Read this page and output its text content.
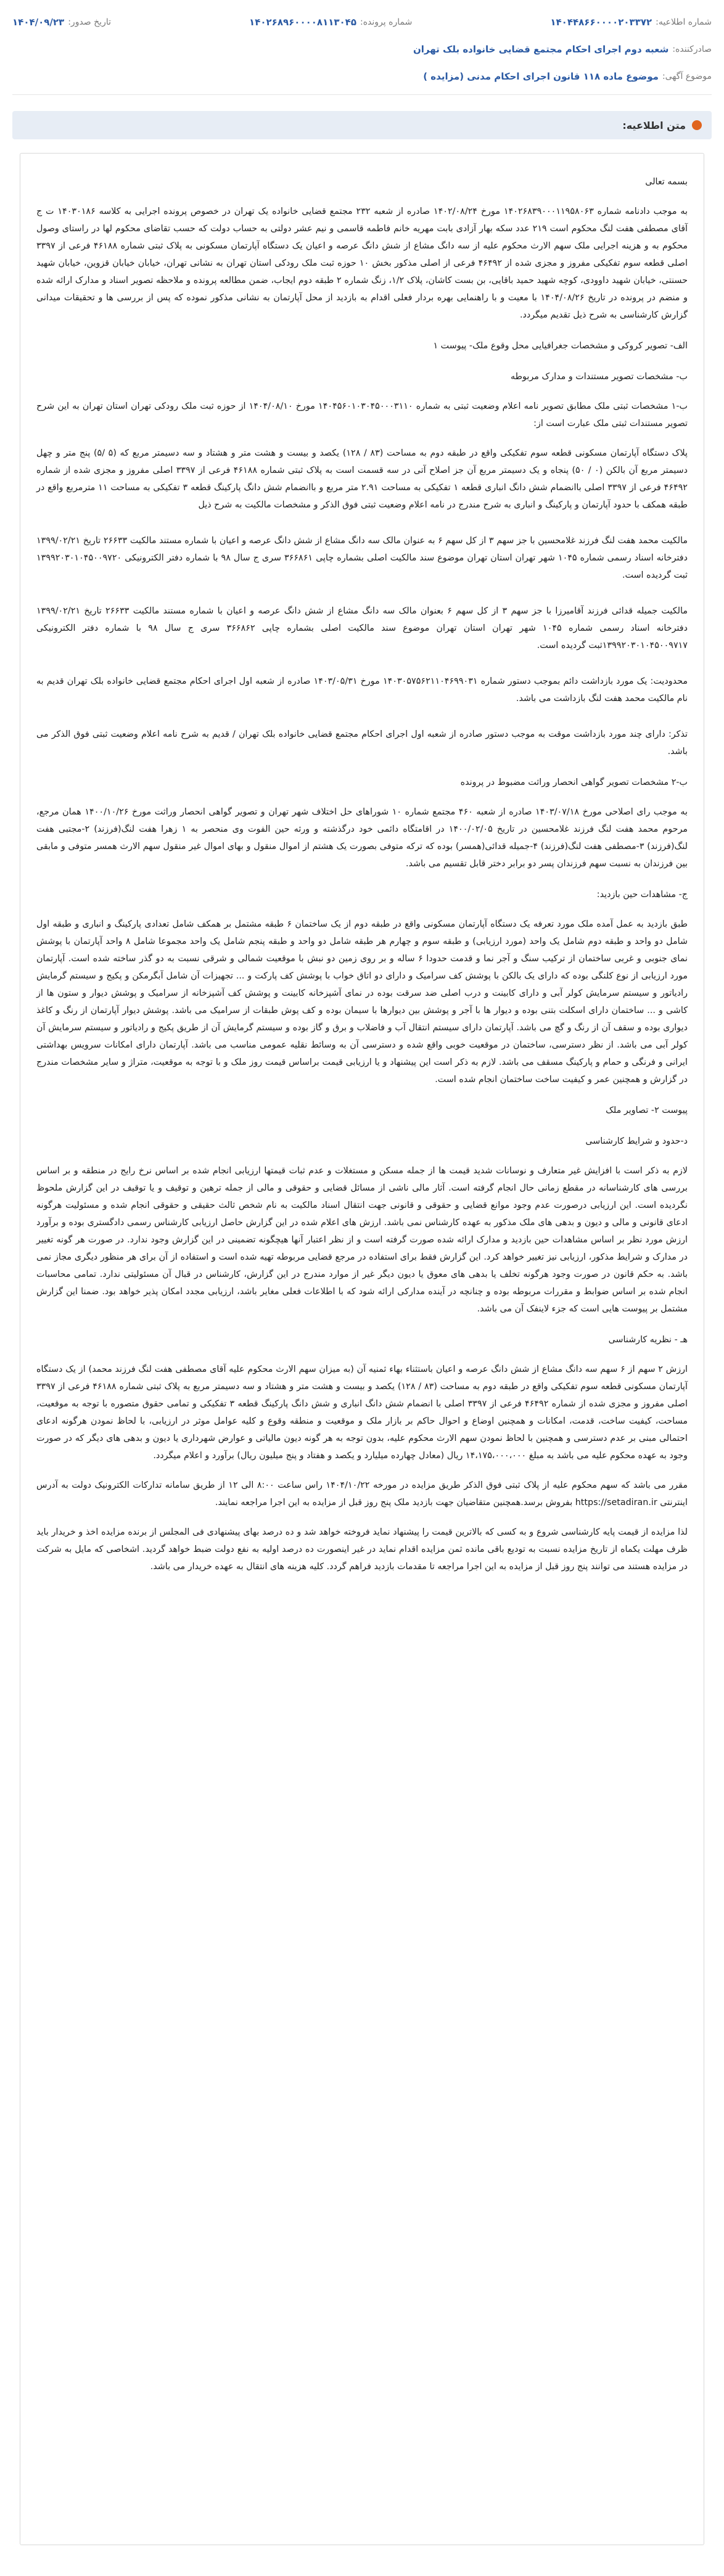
شماره اطلاعیه:
۱۴۰۴۴۸۶۶۰۰۰۰۲۰۳۳۷۲
شماره پرونده:
۱۴۰۲۶۸۹۶۰۰۰۰۸۱۱۳۰۴۵
تاریخ صدور:
۱۴۰۴/۰۹/۲۳
صادرکننده:
شعبه دوم اجرای احکام مجتمع قضایی خانواده بلک تهران
موضوع آگهی:
موضوع ماده ۱۱۸ قانون اجرای احکام مدنی (مزایده )
متن اطلاعیه:

بسمه تعالی

به موجب دادنامه شماره ۱۴۰۲۶۸۳۹۰۰۰۱۱۹۵۸۰۶۳ مورخ ۱۴۰۲/۰۸/۲۴ صادره از شعبه ۲۳۲ مجتمع قضایی خانواده یک تهران در خصوص پرونده اجرایی به کلاسه ۱۴۰۳۰۱۸۶ ت ج آقای مصطفی هفت لنگ محکوم است ۲۱۹ عدد سکه بهار آزادی بابت مهریه خانم فاطمه قاسمی و نیم عشر دولتی به حساب دولت که حسب تقاضای محکوم لها در راستای وصول محکوم به و هزینه اجرایی ملک سهم الارث محکوم علیه از سه دانگ مشاع از شش دانگ عرصه و اعیان یک دستگاه آپارتمان مسکونی به پلاک ثبتی شماره ۴۶۱۸۸ فرعی از ۳۳۹۷ اصلی قطعه سوم تفکیکی مفروز و مجزی شده از ۴۶۴۹۲ فرعی از اصلی مذکور بخش ۱۰ حوزه ثبت ملک رودکی استان تهران به نشانی تهران، خیابان خیابان قزوین، خیابان شهید حسنتی، خیابان شهید داوودی، کوچه شهید حمید باقایی، بن بست کاشان، پلاک ۱/۲، زنگ شماره ۲ طبقه دوم ایجاب، ضمن مطالعه پرونده و ملاحظه تصویر اسناد و مدارک ارائه شده و منضم در پرونده در تاریخ ۱۴۰۴/۰۸/۲۶ با معیت و با راهنمایی بهره بردار فعلی اقدام به بازدید از محل آپارتمان به نشانی مذکور نموده که پس از بررسی ها و تحقیقات میدانی گزارش کارشناسی به شرح ذیل تقدیم میگردد.

الف- تصویر کروکی و مشخصات جغرافیایی محل وقوع ملک- پیوست ۱

ب- مشخصات تصویر مستندات و مدارک مربوطه

ب-۱ مشخصات ثبتی ملک مطابق تصویر نامه اعلام وضعیت ثبتی به شماره ۱۴۰۴۵۶۰۱۰۳۰۴۵۰۰۰۳۱۱۰ مورخ ۱۴۰۴/۰۸/۱۰ از حوزه ثبت ملک رودکی تهران استان تهران به این شرح تصویر مستندات ثبتی ملک عبارت است از:

پلاک دستگاه آپارتمان مسکونی قطعه سوم تفکیکی واقع در طبقه دوم به مساحت (۸۳ / ۱۲۸) یکصد و بیست و هشت متر و هشتاد و سه دسیمتر مربع که (۵ /۵) پنج متر و چهل دسیمتر مربع آن بالکن (۰ / ۵۰) پنجاه و یک دسیمتر مربع آن جز اصلاح آتی در سه قسمت است به پلاک ثبتی شماره ۴۶۱۸۸ فرعی از ۳۳۹۷ اصلی مفروز و مجزی شده از شماره ۴۶۴۹۲ فرعی از ۳۳۹۷ اصلی باانضمام شش دانگ انباری قطعه ۱ تفکیکی به مساحت ۲.۹۱ متر مربع و باانضمام شش دانگ پارکینگ قطعه ۳ تفکیکی به مساحت ۱۱ مترمربع واقع در طبقه همکف با حدود آپارتمان و پارکینگ و انباری به شرح مندرج در نامه اعلام وضعیت ثبتی فوق الذکر و مشخصات مالکیت به شرح ذیل

مالکیت محمد هفت لنگ فرزند غلامحسین با جز سهم ۳ از کل سهم ۶ به عنوان مالک سه دانگ مشاع از شش دانگ عرصه و اعیان با شماره مستند مالکیت ۲۶۶۳۳ تاریخ ۱۳۹۹/۰۲/۲۱ دفترخانه اسناد رسمی شماره ۱۰۴۵ شهر تهران استان تهران موضوع سند مالکیت اصلی بشماره چاپی ۳۶۶۸۶۱ سری ج سال ۹۸ با شماره دفتر الکترونیکی ۱۳۹۹۲۰۳۰۱۰۴۵۰۰۹۷۲۰ ثبت گردیده است.

مالکیت جمیله قدائی فرزند آقامیرزا با جز سهم ۳ از کل سهم ۶ بعنوان مالک سه دانگ مشاع از شش دانگ عرصه و اعیان با شماره مستند مالکیت ۲۶۶۳۳ تاریخ ۱۳۹۹/۰۲/۲۱ دفترخانه اسناد رسمی شماره ۱۰۴۵ شهر تهران استان تهران موضوع سند مالکیت اصلی بشماره چاپی ۳۶۶۸۶۲ سری ج سال ۹۸ با شماره دفتر الکترونیکی ۱۳۹۹۲۰۳۰۱۰۴۵۰۰۹۷۱۷ثبت گردیده است.

محدودیت: یک مورد بازداشت دائم بموجب دستور شماره ۱۴۰۳۰۵۷۵۶۲۱۱۰۴۶۹۹۰۳۱ مورخ ۱۴۰۳/۰۵/۳۱ صادره از شعبه اول اجرای احکام مجتمع قضایی خانواده بلک تهران قدیم به نام مالکیت محمد هفت لنگ بازداشت می باشد.

تذکر: دارای چند مورد بازداشت موقت به موجب دستور صادره از شعبه اول اجرای احکام مجتمع قضایی خانواده بلک تهران / قدیم به شرح نامه اعلام وضعیت ثبتی فوق الذکر می باشد.

ب-۲ مشخصات تصویر گواهی انحصار وراثت مضبوط در پرونده

به موجب رای اصلاحی مورخ ۱۴۰۳/۰۷/۱۸ صادره از شعبه ۴۶۰ مجتمع شماره ۱۰ شوراهای حل اختلاف شهر تهران و تصویر گواهی انحصار وراثت مورخ ۱۴۰۰/۱۰/۲۶ همان مرجع، مرحوم محمد هفت لنگ فرزند غلامحسین در تاریخ ۱۴۰۰/۰۲/۰۵ در اقامتگاه دائمی خود درگذشته و ورثه حین الفوت وی منحصر به ۱ زهرا هفت لنگ(فرزند) ۲-مجتبی هفت لنگ(فرزند) ۳-مصطفی هفت لنگ(فرزند) ۴-جمیله قدائی(همسر) بوده که ترکه متوفی بصورت یک هشتم از اموال منقول و بهای اموال غیر منقول سهم الارث همسر متوفی و مابقی بین فرزندان به نسبت سهم فرزندان پسر دو برابر دختر قابل تقسیم می باشد.

ج- مشاهدات حین بازدید:

طبق بازدید به عمل آمده ملک مورد تعرفه یک دستگاه آپارتمان مسکونی واقع در طبقه دوم از یک ساختمان ۶ طبقه مشتمل بر همکف شامل تعدادی پارکینگ و انباری و طبقه اول شامل دو واحد و طبقه دوم شامل یک واحد (مورد ارزیابی) و طبقه سوم و چهارم هر طبقه شامل دو واحد و طبقه پنجم شامل یک واحد مجموعا شامل ۸ واحد آپارتمان با پوشش نمای جنوبی و غربی ساختمان از ترکیب سنگ و آجر نما و قدمت حدودا ۶ ساله و بر روی زمین دو نبش با موقعیت شمالی و شرقی نسبت به دو گذر ساخته شده است. آپارتمان مورد ارزیابی از نوع کلنگی بوده که دارای یک بالکن با پوشش کف سرامیک و دارای دو اتاق خواب با پوشش کف پارکت و ... تجهیزات آن شامل آبگرمکن و پکیج و سیستم گرمایش رادیاتور و سیستم سرمایش کولر آبی و دارای کابینت و درب اصلی ضد سرقت بوده در نمای آشپزخانه کابینت و پوشش کف آشپزخانه از سرامیک و پوشش دیوار و ستون ها از کاشی و ... ساختمان دارای اسکلت بتنی بوده و دیوار ها با آجر و پوشش بین دیوارها با سیمان بوده و کف پوش طبقات از سرامیک می باشد. پوشش دیوار آپارتمان از رنگ و کاغذ دیواری بوده و سقف آن از رنگ و گچ می باشد. آپارتمان دارای سیستم انتقال آب و فاضلاب و برق و گاز بوده و سیستم گرمایش آن از طریق پکیج و رادیاتور و سیستم سرمایش آن کولر آبی می باشد. از نظر دسترسی، ساختمان در موقعیت خوبی واقع شده و دسترسی آن به وسائط نقلیه عمومی مناسب می باشد. آپارتمان دارای امکانات سرویس بهداشتی ایرانی و فرنگی و حمام و پارکینگ مسقف می باشد. لازم به ذکر است این پیشنهاد و یا ارزیابی قیمت براساس قیمت روز ملک و با توجه به موقعیت، متراژ و سایر مشخصات مندرج در گزارش و همچنین عمر و کیفیت ساخت ساختمان انجام شده است.

پیوست ۲- تصاویر ملک

د-حدود و شرایط کارشناسی

لازم به ذکر است با افزایش غیر متعارف و نوسانات شدید قیمت ها از جمله مسکن و مستغلات و عدم ثبات قیمتها ارزیابی انجام شده بر اساس نرخ رایج در منطقه و بر اساس بررسی های کارشناسانه در مقطع زمانی حال انجام گرفته است. آثار مالی ناشی از مسائل قضایی و حقوقی و مالی از جمله ترهین و توقیف و یا توقیف در این گزارش ملحوظ نگردیده است. این ارزیابی درصورت عدم وجود موانع قضایی و حقوقی و قانونی جهت انتقال اسناد مالکیت به نام شخص ثالث حقیقی و حقوقی انجام شده و مسئولیت هرگونه ادعای قانونی و مالی و دیون و بدهی های ملک مذکور به عهده کارشناس نمی باشد. ارزش های اعلام شده در این گزارش حاصل ارزیابی کارشناس رسمی دادگستری بوده و برآورد ارزش مورد نظر بر اساس مشاهدات حین بازدید و مدارک ارائه شده صورت گرفته است و از نظر اعتبار آنها هیچگونه تضمینی در این گزارش وجود ندارد. در صورت هر گونه تغییر در مدارک و شرایط مذکور، ارزیابی نیز تغییر خواهد کرد. این گزارش فقط برای استفاده در مرجع قضایی مربوطه تهیه شده است و استفاده از آن برای هر منظور دیگری مجاز نمی باشد. به حکم قانون در صورت وجود هرگونه تخلف یا بدهی های معوق یا دیون دیگر غیر از موارد مندرج در این گزارش، کارشناس در قبال آن مسئولیتی ندارد. تمامی محاسبات انجام شده بر اساس ضوابط و مقررات مربوطه بوده و چنانچه در آینده مدارکی ارائه شود که با اطلاعات فعلی مغایر باشد، ارزیابی مجدد امکان پذیر خواهد بود. ضمنا این گزارش مشتمل بر پیوست هایی است که جزء لاینفک آن می باشد.

هـ - نظریه کارشناسی

ارزش ۲ سهم از ۶ سهم سه دانگ مشاع از شش دانگ عرصه و اعیان باستثناء بهاء ثمنیه آن (به میزان سهم الارث محکوم علیه آقای مصطفی هفت لنگ فرزند محمد) از یک دستگاه آپارتمان مسکونی قطعه سوم تفکیکی واقع در طبقه دوم به مساحت (۸۳ / ۱۲۸) یکصد و بیست و هشت متر و هشتاد و سه دسیمتر مربع به پلاک ثبتی شماره ۴۶۱۸۸ فرعی از ۳۳۹۷ اصلی مفروز و مجزی شده از شماره ۴۶۴۹۲ فرعی از ۳۳۹۷ اصلی با انضمام شش دانگ انباری و شش دانگ پارکینگ قطعه ۳ تفکیکی و تمامی حقوق متصوره با توجه به موقعیت، مساحت، کیفیت ساخت، قدمت، امکانات و همچنین اوضاع و احوال حاکم بر بازار ملک و موقعیت و منطقه وقوع و کلیه عوامل موثر در ارزیابی، با لحاظ نمودن هرگونه ادعای احتمالی مبنی بر عدم دسترسی و همچنین با لحاظ نمودن سهم الارث محکوم علیه، بدون توجه به هر گونه دیون مالیاتی و عوارض شهرداری یا دیون و بدهی های دیگر که در صورت وجود به عهده محکوم علیه می باشد به مبلغ ۱۴،۱۷۵،۰۰۰،۰۰۰ ریال (معادل چهارده میلیارد و یکصد و هفتاد و پنج میلیون ریال) برآورد و اعلام میگردد.

مقرر می باشد که سهم محکوم علیه از پلاک ثبتی فوق الذکر طریق مزایده در مورخه ۱۴۰۴/۱۰/۲۲ راس ساعت ۸:۰۰ الی ۱۲ از طریق سامانه تدارکات الکترونیک دولت به آدرس اینترنتی https://setadiran.ir بفروش برسد.همچنین متقاضیان جهت بازدید ملک پنج روز قبل از مزایده به این اجرا مراجعه نمایند.

لذا مزایده از قیمت پایه کارشناسی شروع و به کسی که بالاترین قیمت را پیشنهاد نماید فروخته خواهد شد و ده درصد بهای پیشنهادی فی المجلس از برنده مزایده اخذ و خریدار باید ظرف مهلت یکماه از تاریخ مزایده نسبت به تودیع باقی مانده ثمن مزایده اقدام نماید در غیر اینصورت ده درصد اولیه به نفع دولت ضبط خواهد گردید. اشخاصی که مایل به شرکت در مزایده هستند می توانند پنج روز قبل از مزایده به این اجرا مراجعه تا مقدمات بازدید فراهم گردد. کلیه هزینه های انتقال به عهده خریدار می باشد.
